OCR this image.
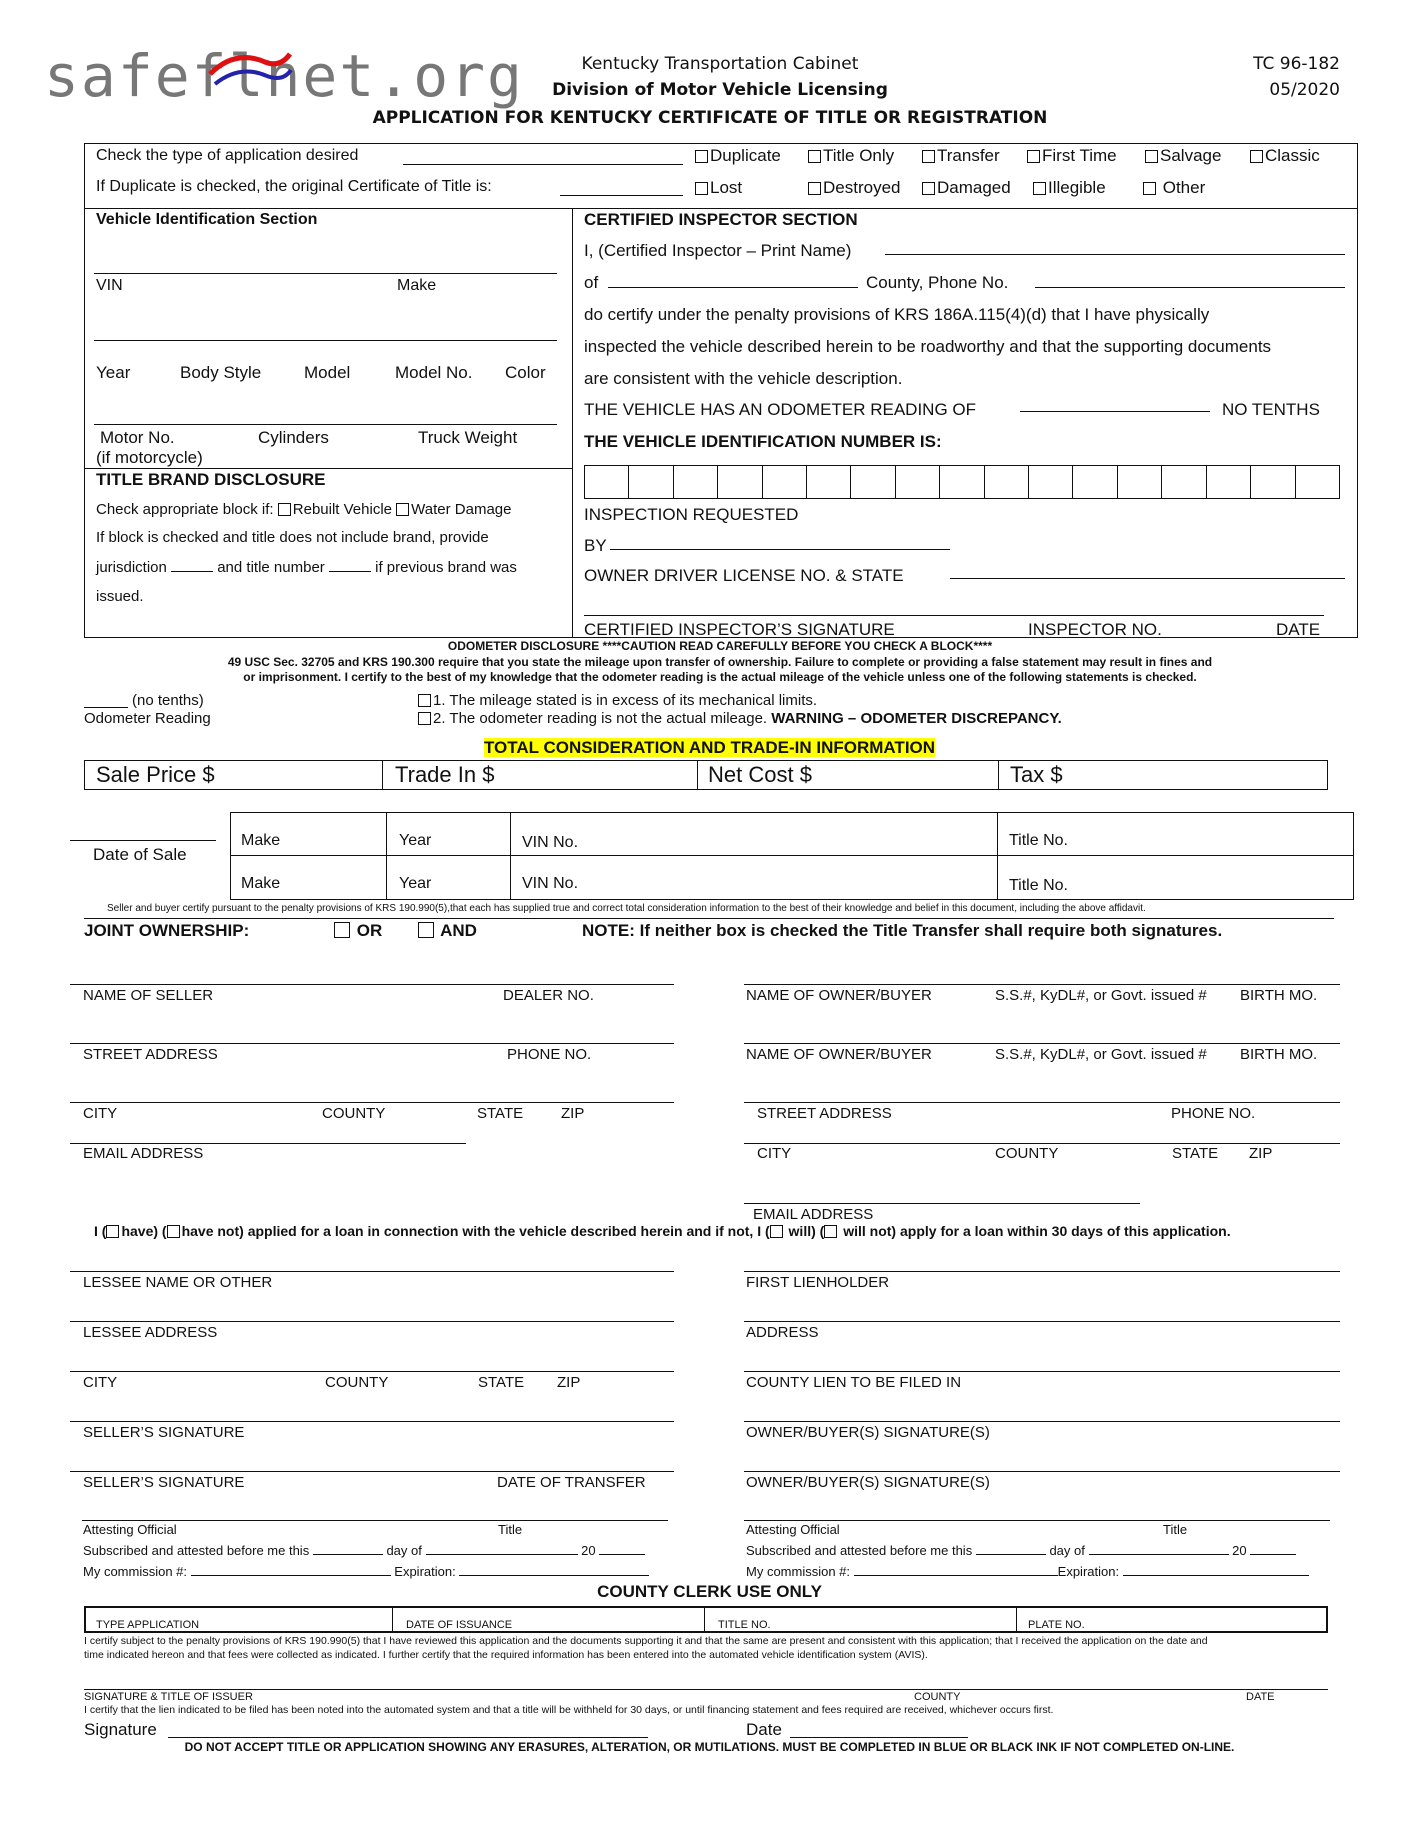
safeflnet.org	Kentucky Transportation Cabinet
Division of Motor Vehicle Licensing
TC 96-182
05/2020
APPLICATION FOR KENTUCKY CERTIFICATE OF TITLE OR REGISTRATION
Check the type of application desired
If Duplicate is checked, the original Certificate of Title is:
Duplicate	Title Only	Transfer	First Time	Salvage	Classic
Lost	Destroyed	Damaged	Illegible	Other
Vehicle Identification Section
VIN	Make
Year	Body Style	Model	Model No. Color
Motor No.
(if motorcycle)
Cylinders	Truck Weight
TITLE BRAND DISCLOSURE
Check appropriate block if: Rebuilt Vehicle Water Damage
If block is checked and title does not include brand, provide
jurisdiction	and title number	if previous brand was
issued.
CERTIFIED INSPECTOR SECTION
I, (Certified Inspector – Print Name)
of	County, Phone No.
do certify under the penalty provisions of KRS 186A.115(4)(d) that I have physically
inspected the vehicle described herein to be roadworthy and that the supporting documents
are consistent with the vehicle description.
THE VEHICLE HAS AN ODOMETER READING OF	NO TENTHS
THE VEHICLE IDENTIFICATION NUMBER IS:
INSPECTION REQUESTED
BY
OWNER DRIVER LICENSE NO. & STATE
CERTIFIED INSPECTOR’S SIGNATURE	INSPECTOR NO.	DATE
ODOMETER DISCLOSURE ****CAUTION READ CAREFULLY BEFORE YOU CHECK A BLOCK****
49 USC Sec. 32705 and KRS 190.300 require that you state the mileage upon transfer of ownership. Failure to complete or providing a false statement may result in fines and
or imprisonment. I certify to the best of my knowledge that the odometer reading is the actual mileage of the vehicle unless one of the following statements is checked.
(no tenths)
Odometer Reading
1. The mileage stated is in excess of its mechanical limits.
2. The odometer reading is not the actual mileage. WARNING – ODOMETER DISCREPANCY.
TOTAL CONSIDERATION AND TRADE-IN INFORMATION
Sale Price $	Trade In $	Net Cost $	Tax $
Date of Sale
Make	Year	VIN No.	Title No.
Make	Year	VIN No.	Title No.
Seller and buyer certify pursuant to the penalty provisions of KRS 190.990(5),that each has supplied true and correct total consideration information to the best of their knowledge and belief in this document, including the above affidavit.
JOINT OWNERSHIP:	OR	AND	NOTE: If neither box is checked the Title Transfer shall require both signatures.
NAME OF SELLER	DEALER NO.
STREET ADDRESS	PHONE NO.
CITY	COUNTY	STATE	ZIP
EMAIL ADDRESS
NAME OF OWNER/BUYER	S.S.#, KyDL#, or Govt. issued # BIRTH MO.
NAME OF OWNER/BUYER	S.S.#, KyDL#, or Govt. issued # BIRTH MO.
STREET ADDRESS	PHONE NO.
CITY	COUNTY	STATE ZIP
EMAIL ADDRESS
I ( have) ( have not) applied for a loan in connection with the vehicle described herein and if not, I ( will) ( will not) apply for a loan within 30 days of this application.
LESSEE NAME OR OTHER	FIRST LIENHOLDER
LESSEE ADDRESS	ADDRESS
CITY	COUNTY	STATE ZIP	COUNTY LIEN TO BE FILED IN
SELLER’S SIGNATURE	OWNER/BUYER(S) SIGNATURE(S)
SELLER’S SIGNATURE	DATE OF TRANSFER	OWNER/BUYER(S) SIGNATURE(S)
Attesting Official	Title
Subscribed and attested before me this	day of	20
My commission #:	Expiration:
Attesting Official	Title
Subscribed and attested before me this	day of	20
My commission #:	Expiration:
COUNTY CLERK USE ONLY
TYPE APPLICATION	DATE OF ISSUANCE	TITLE NO.	PLATE NO.
I certify subject to the penalty provisions of KRS 190.990(5) that I have reviewed this application and the documents supporting it and that the same are present and consistent with this application; that I received the application on the date and
time indicated hereon and that fees were collected as indicated. I further certify that the required information has been entered into the automated vehicle identification system (AVIS).
SIGNATURE & TITLE OF ISSUER	COUNTY	DATE
I certify that the lien indicated to be filed has been noted into the automated system and that a title will be withheld for 30 days, or until financing statement and fees required are received, whichever occurs first.
Signature	Date
DO NOT ACCEPT TITLE OR APPLICATION SHOWING ANY ERASURES, ALTERATION, OR MUTILATIONS. MUST BE COMPLETED IN BLUE OR BLACK INK IF NOT COMPLETED ON-LINE.
